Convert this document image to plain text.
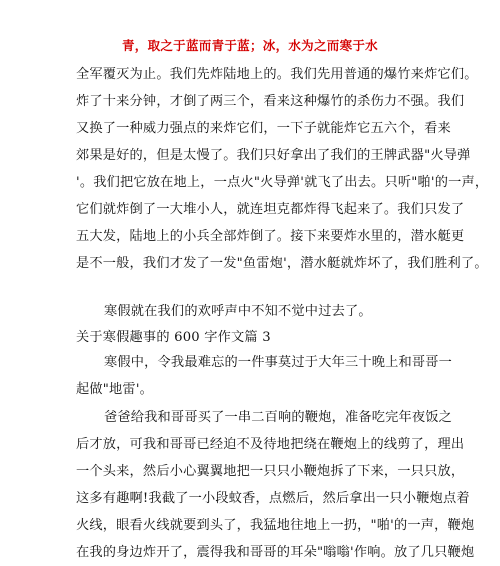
青，取之于蓝而青于蓝；冰，水为之而寒于水
全军覆灭为止。我们先炸陆地上的。我们先用普通的爆竹来炸它们。
炸了十来分钟，才倒了两三个，看来这种爆竹的杀伤力不强。我们
又换了一种威力强点的来炸它们，一下子就能炸它五六个，看来
郊果是好的，但是太慢了。我们只好拿出了我们的王牌武器"火导弹
'。我们把它放在地上，一点火"火导弹'就飞了出去。只听"啪'的一声，
它们就炸倒了一大堆小人，就连坦克都炸得飞起来了。我们只发了
五大发，陆地上的小兵全部炸倒了。接下来要炸水里的，潜水艇更
是不一般，我们才发了一发"鱼雷炮'，潜水艇就炸坏了，我们胜利了。
寒假就在我们的欢呼声中不知不觉中过去了。
关于寒假趣事的 600 字作文篇 3
寒假中，令我最难忘的一件事莫过于大年三十晚上和哥哥一
起做"地雷'。
爸爸给我和哥哥买了一串二百响的鞭炮，准备吃完年夜饭之
后才放，可我和哥哥已经迫不及待地把绕在鞭炮上的线剪了，理出
一个头来，然后小心翼翼地把一只只小鞭炮拆了下来，一只只放，
这多有趣啊!我截了一小段蚊香，点燃后，然后拿出一只小鞭炮点着
火线，眼看火线就要到头了，我猛地往地上一扔，"啪'的一声，鞭炮
在我的身边炸开了，震得我和哥哥的耳朵"嗡嗡'作响。放了几只鞭炮
